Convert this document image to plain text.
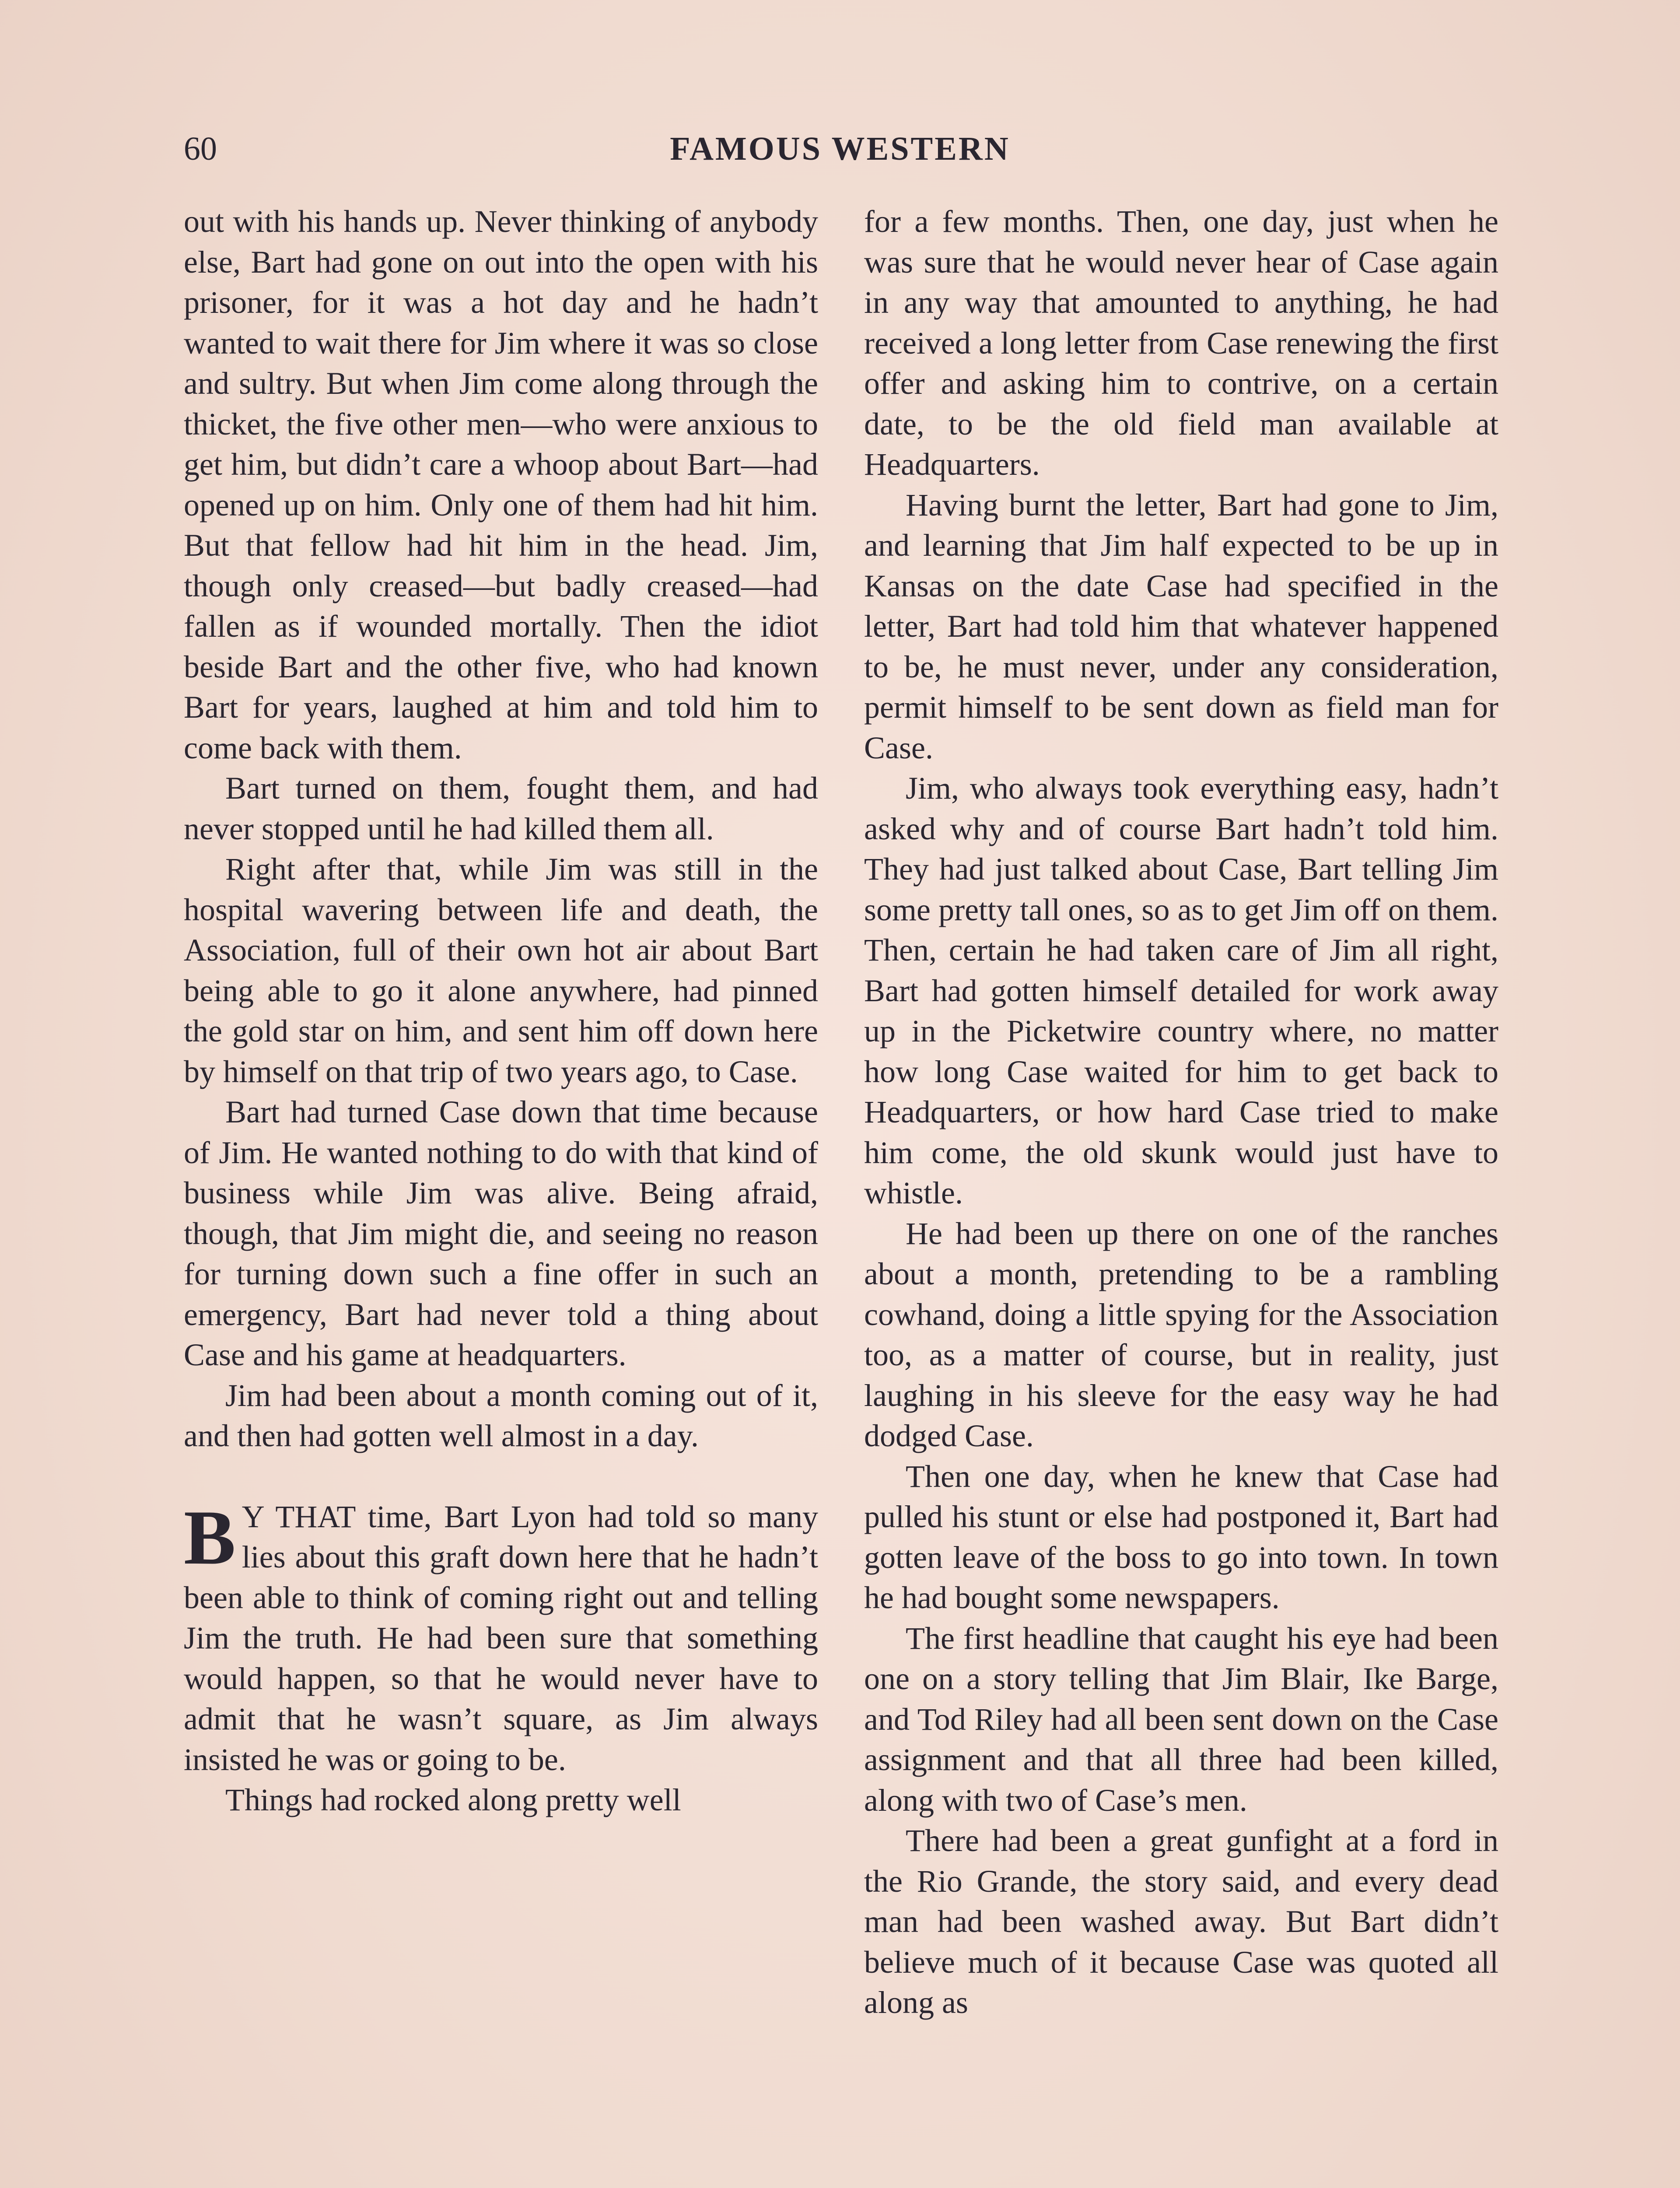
60	FAMOUS WESTERN

out with his hands up. Never thinking of anybody else, Bart had gone on out into the open with his prisoner, for it was a hot day and he hadn’t wanted to wait there for Jim where it was so close and sultry. But when Jim come along through the thicket, the five other men—who were anxious to get him, but didn’t care a whoop about Bart—had opened up on him. Only one of them had hit him. But that fellow had hit him in the head. Jim, though only creased—but badly creased—had fallen as if wounded mortally. Then the idiot beside Bart and the other five, who had known Bart for years, laughed at him and told him to come back with them.

Bart turned on them, fought them, and had never stopped until he had killed them all.

Right after that, while Jim was still in the hospital wavering between life and death, the Association, full of their own hot air about Bart being able to go it alone anywhere, had pinned the gold star on him, and sent him off down here by himself on that trip of two years ago, to Case.

Bart had turned Case down that time because of Jim. He wanted nothing to do with that kind of business while Jim was alive. Being afraid, though, that Jim might die, and seeing no reason for turning down such a fine offer in such an emergency, Bart had never told a thing about Case and his game at headquarters.

Jim had been about a month coming out of it, and then had gotten well almost in a day.

B Y THAT time, Bart Lyon had told so many lies about this graft down here that he hadn’t been able to think of coming right out and telling Jim the truth. He had been sure that something would happen, so that he would never have to admit that he wasn’t square, as Jim always insisted he was or going to be.

Things had rocked along pretty well

for a few months. Then, one day, just when he was sure that he would never hear of Case again in any way that amounted to anything, he had received a long letter from Case renewing the first offer and asking him to contrive, on a certain date, to be the old field man available at Headquarters.

Having burnt the letter, Bart had gone to Jim, and learning that Jim half expected to be up in Kansas on the date Case had specified in the letter, Bart had told him that whatever happened to be, he must never, under any consideration, permit himself to be sent down as field man for Case.

Jim, who always took everything easy, hadn’t asked why and of course Bart hadn’t told him. They had just talked about Case, Bart telling Jim some pretty tall ones, so as to get Jim off on them. Then, certain he had taken care of Jim all right, Bart had gotten himself detailed for work away up in the Picketwire country where, no matter how long Case waited for him to get back to Headquarters, or how hard Case tried to make him come, the old skunk would just have to whistle.

He had been up there on one of the ranches about a month, pretending to be a rambling cowhand, doing a little spying for the Association too, as a matter of course, but in reality, just laughing in his sleeve for the easy way he had dodged Case.

Then one day, when he knew that Case had pulled his stunt or else had postponed it, Bart had gotten leave of the boss to go into town. In town he had bought some newspapers.

The first headline that caught his eye had been one on a story telling that Jim Blair, Ike Barge, and Tod Riley had all been sent down on the Case assignment and that all three had been killed, along with two of Case’s men.

There had been a great gunfight at a ford in the Rio Grande, the story said, and every dead man had been washed away. But Bart didn’t believe much of it because Case was quoted all along as
